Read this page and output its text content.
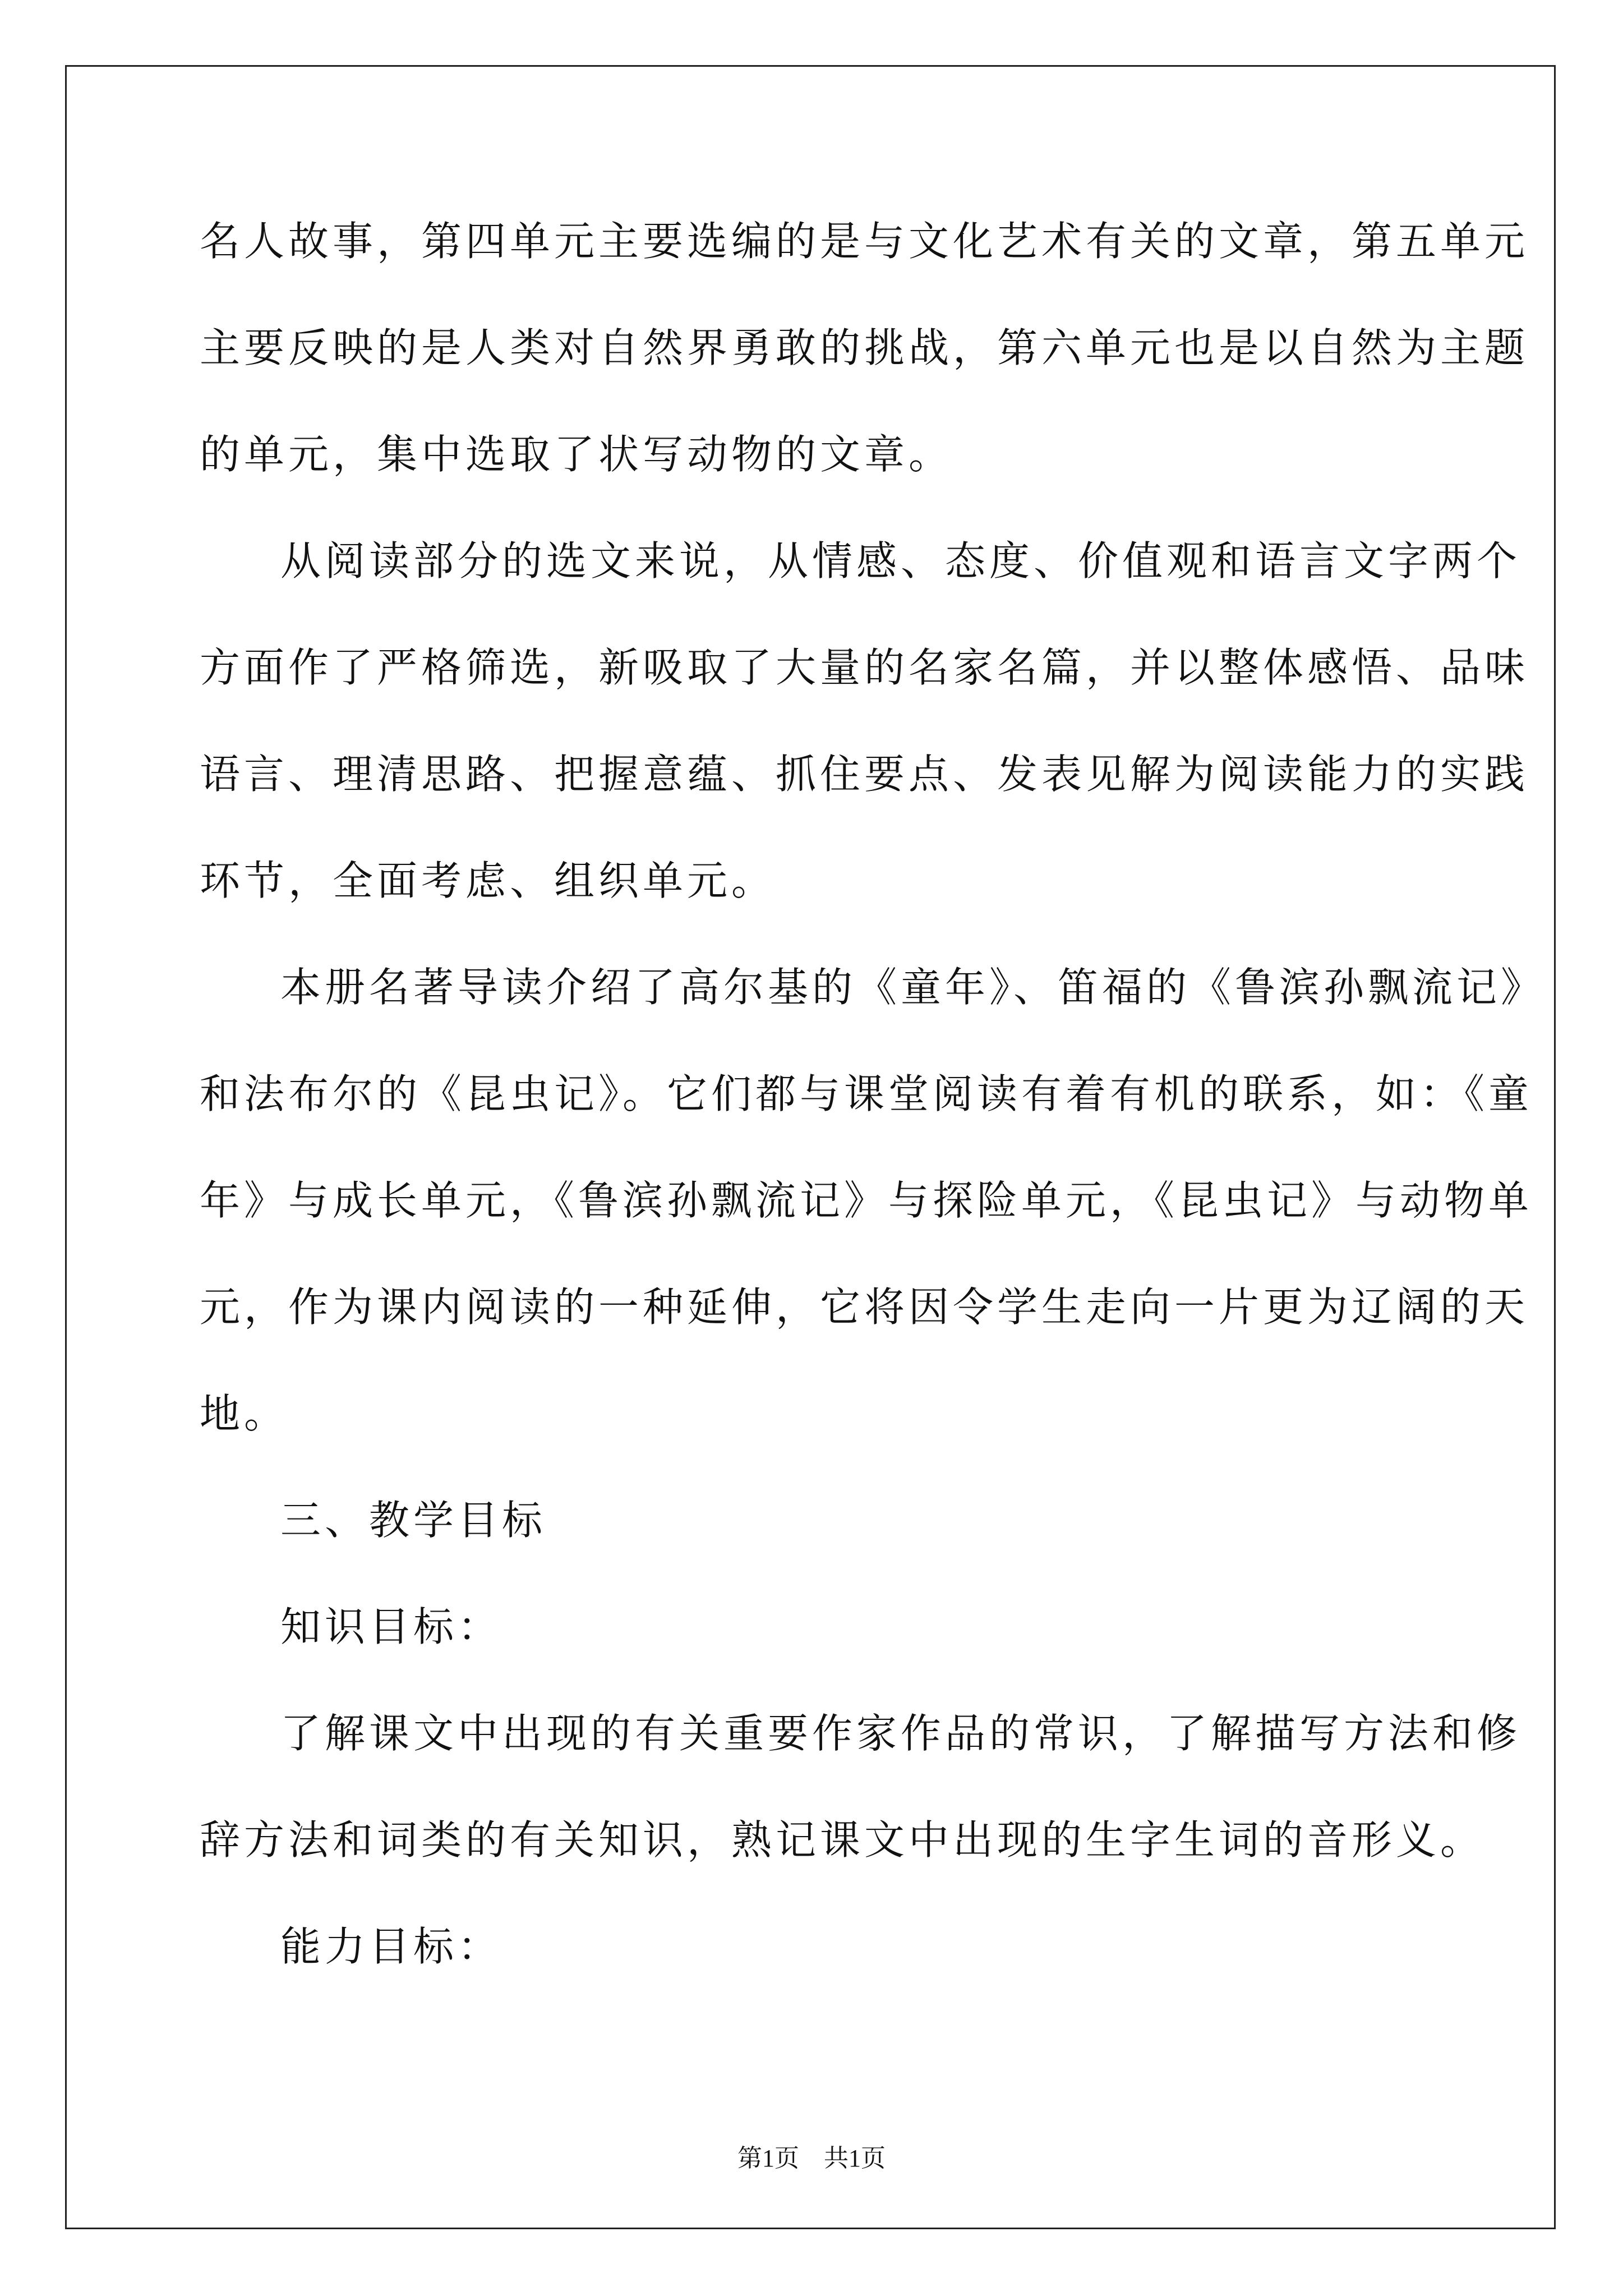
名人故事，第四单元主要选编的是与文化艺术有关的文章，第五单元
主要反映的是人类对自然界勇敢的挑战，第六单元也是以自然为主题
的单元，集中选取了状写动物的文章。
从阅读部分的选文来说，从情感、态度、价值观和语言文字两个
方面作了严格筛选，新吸取了大量的名家名篇，并以整体感悟、品味
语言、理清思路、把握意蕴、抓住要点、发表见解为阅读能力的实践
环节，全面考虑、组织单元。
本册名著导读介绍了高尔基的《童年》、笛福的《鲁滨孙飘流记》
和法布尔的《昆虫记》。它们都与课堂阅读有着有机的联系，如：《童
年》与成长单元，《鲁滨孙飘流记》与探险单元，《昆虫记》与动物单
元，作为课内阅读的一种延伸，它将因令学生走向一片更为辽阔的天
地。
三、教学目标
知识目标：
了解课文中出现的有关重要作家作品的常识，了解描写方法和修
辞方法和词类的有关知识，熟记课文中出现的生字生词的音形义。
能力目标：
第1页　共1页
